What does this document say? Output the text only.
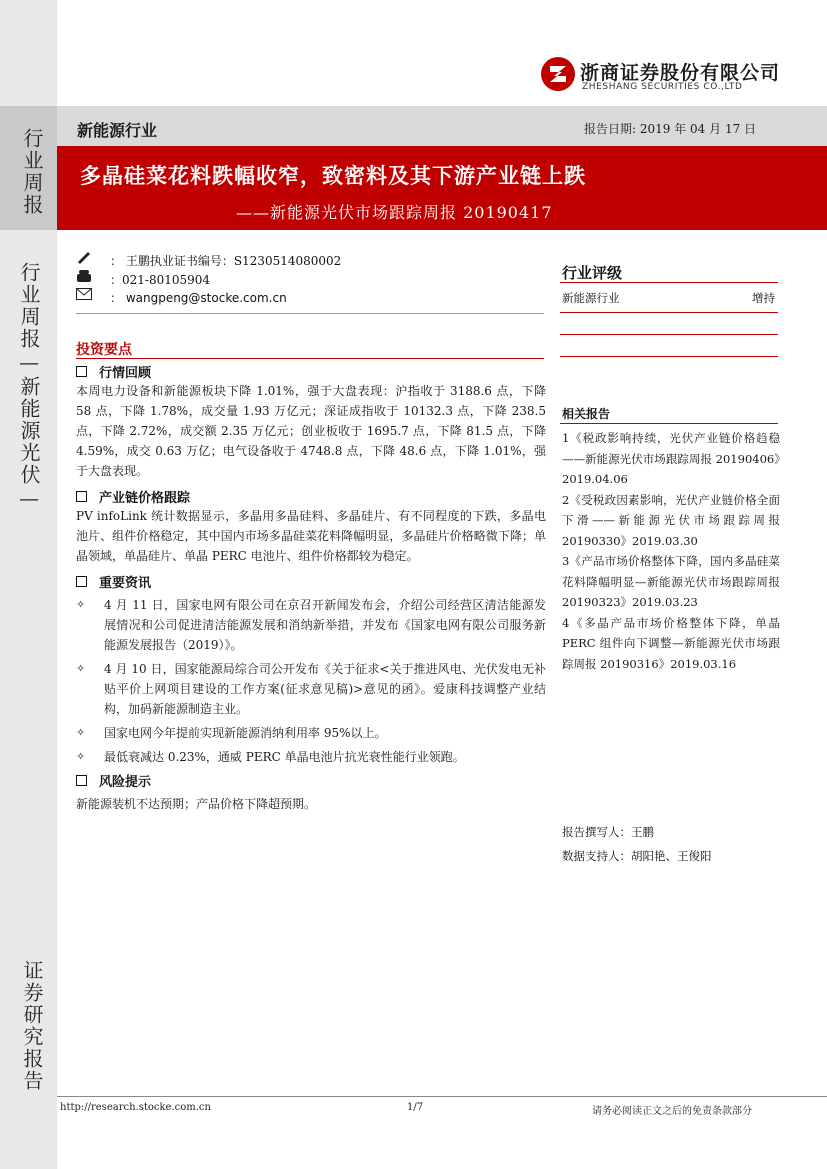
行业周报
行业周报—新能源光伏—
证券研究报告
浙商证券股份有限公司
ZHESHANG SECURITIES CO.,LTD
新能源行业	报告日期: 2019 年 04 月 17 日
多晶硅菜花料跌幅收窄，致密料及其下游产业链上跌
——新能源光伏市场跟踪周报 20190417
： 王鹏执业证书编号：S1230514080002
：021-80105904
： wangpeng@stocke.com.cn
投资要点
行情回顾
本周电力设备和新能源板块下降 1.01%，强于大盘表现：沪指收于 3188.6 点，下降 58 点，下降 1.78%，成交量 1.93 万亿元；深证成指收于 10132.3 点，下降 238.5 点，下降 2.72%，成交额 2.35 万亿元；创业板收于 1695.7 点，下降 81.5 点，下降 4.59%，成交 0.63 万亿；电气设备收于 4748.8 点，下降 48.6 点，下降 1.01%，强于大盘表现。
产业链价格跟踪
PV infoLink 统计数据显示，多晶用多晶硅料、多晶硅片、有不同程度的下跌，多晶电池片、组件价格稳定，其中国内市场多晶硅菜花料降幅明显，多晶硅片价格略微下降；单晶领域，单晶硅片、单晶 PERC 电池片、组件价格都较为稳定。
重要资讯
✧	4 月 11 日，国家电网有限公司在京召开新闻发布会，介绍公司经营区清洁能源发展情况和公司促进清洁能源发展和消纳新举措，并发布《国家电网有限公司服务新能源发展报告（2019）》。
✧	4 月 10 日，国家能源局综合司公开发布《关于征求<关于推进风电、光伏发电无补贴平价上网项目建设的工作方案(征求意见稿)>意见的函》。爱康科技调整产业结构，加码新能源制造主业。
✧	国家电网今年提前实现新能源消纳利用率 95%以上。
✧	最低衰减达 0.23%，通威 PERC 单晶电池片抗光衰性能行业领跑。
风险提示
新能源装机不达预期；产品价格下降超预期。
行业评级
新能源行业	增持
相关报告
1《税政影响持续，光伏产业链价格趋稳——新能源光伏市场跟踪周报 20190406》2019.04.06
2《受税政因素影响，光伏产业链价格全面下滑——新能源光伏市场跟踪周报 20190330》2019.03.30
3《产品市场价格整体下降，国内多晶硅菜花料降幅明显—新能源光伏市场跟踪周报 20190323》2019.03.23
4《多晶产品市场价格整体下降，单晶 PERC 组件向下调整—新能源光伏市场跟踪周报 20190316》2019.03.16
报告撰写人：王鹏
数据支持人：胡阳艳、王俊阳
http://research.stocke.com.cn	1/7	请务必阅读正文之后的免责条款部分
